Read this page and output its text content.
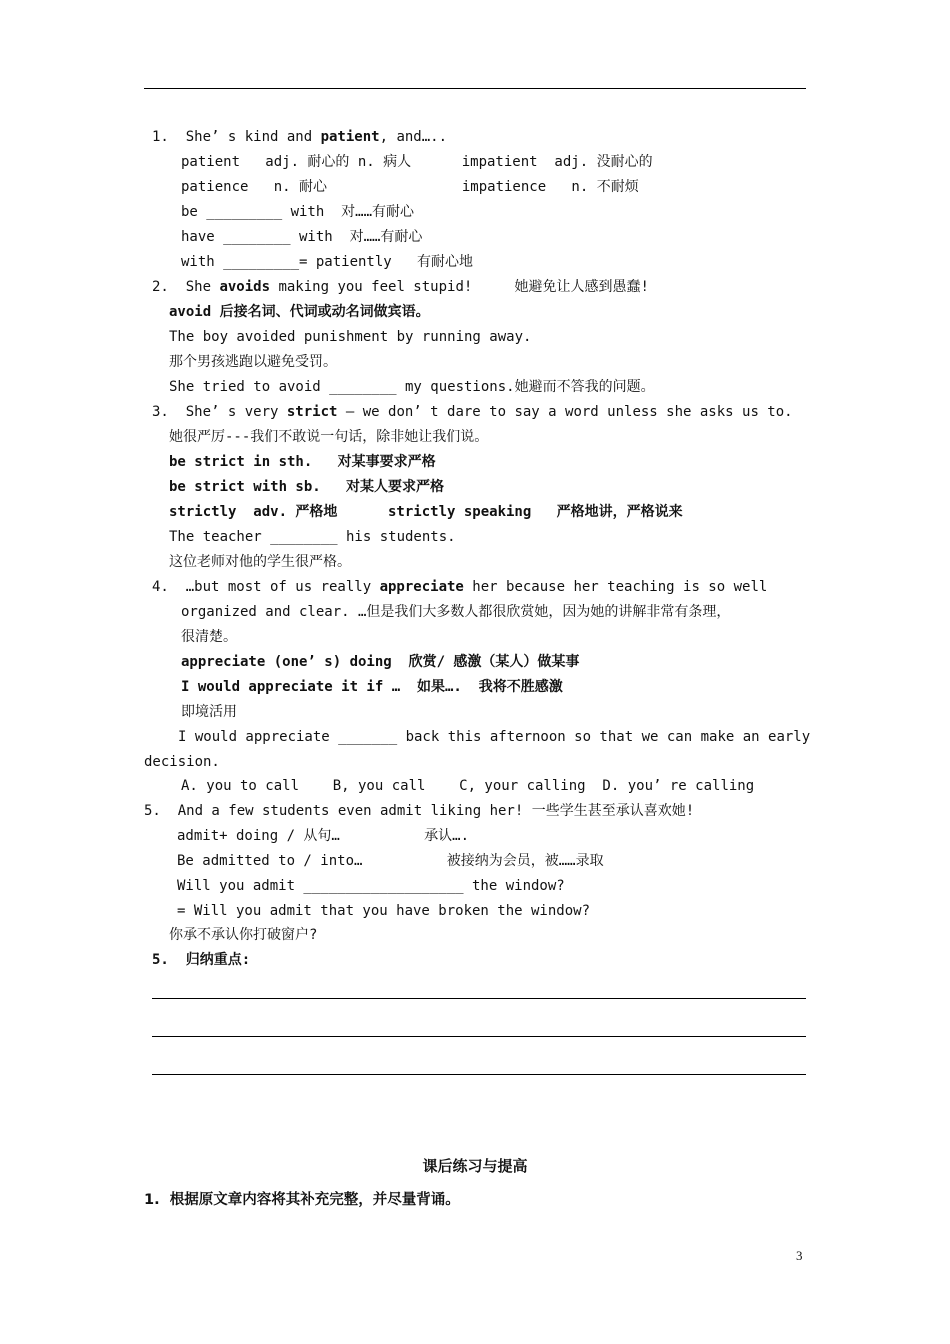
1.  She’ s kind and patient, and…..
patient   adj. 耐心的 n. 病人      impatient  adj. 没耐心的
patience   n. 耐心                impatience   n. 不耐烦
be _________ with  对……有耐心
have ________ with  对……有耐心
with _________= patiently   有耐心地
2.  She avoids making you feel stupid!     她避免让人感到愚蠢!
avoid 后接名词、代词或动名词做宾语。
The boy avoided punishment by running away.
那个男孩逃跑以避免受罚。
She tried to avoid ________ my questions.她避而不答我的问题。
3.  She’ s very strict – we don’ t dare to say a word unless she asks us to.
她很严厉---我们不敢说一句话，除非她让我们说。
be strict in sth.   对某事要求严格
be strict with sb.   对某人要求严格
strictly  adv. 严格地      strictly speaking   严格地讲，严格说来
The teacher ________ his students.
这位老师对他的学生很严格。
4.  …but most of us really appreciate her because her teaching is so well
organized and clear. …但是我们大多数人都很欣赏她，因为她的讲解非常有条理，
很清楚。
appreciate (one’ s) doing  欣赏/ 感激（某人）做某事
I would appreciate it if …  如果….  我将不胜感激
即境活用
I would appreciate _______ back this afternoon so that we can make an early
decision.
A. you to call    B, you call    C, your calling  D. you’ re calling
5.  And a few students even admit liking her! 一些学生甚至承认喜欢她!
admit+ doing / 从句…          承认….
Be admitted to / into…          被接纳为会员，被……录取
Will you admit ___________________ the window?
= Will you admit that you have broken the window?
你承不承认你打破窗户?
5.  归纳重点:
课后练习与提高
1.  根据原文章内容将其补充完整，并尽量背诵。
3
